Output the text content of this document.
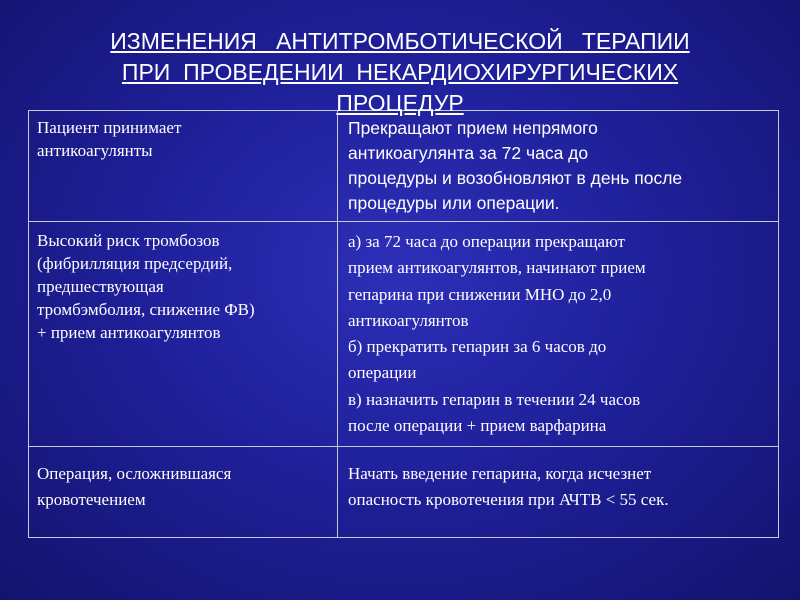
ИЗМЕНЕНИЯ   АНТИТРОМБОТИЧЕСКОЙ   ТЕРАПИИ
ПРИ  ПРОВЕДЕНИИ  НЕКАРДИОХИРУРГИЧЕСКИХ
ПРОЦЕДУР
Пациент принимает
антикоагулянты
Прекращают прием непрямого
антикоагулянта за 72 часа до
процедуры и возобновляют в день после
процедуры или операции.
Высокий риск тромбозов
(фибрилляция предсердий,
предшествующая
тромбэмболия, снижение ФВ)
+ прием антикоагулянтов
а) за 72 часа до операции прекращают
прием антикоагулянтов, начинают прием
гепарина при снижении МНО до 2,0
антикоагулянтов
б) прекратить гепарин за 6 часов до
операции
в) назначить гепарин в течении 24 часов
после операции + прием варфарина
Операция, осложнившаяся
кровотечением
Начать введение гепарина, когда исчезнет
опасность кровотечения при АЧТВ < 55 сек.
